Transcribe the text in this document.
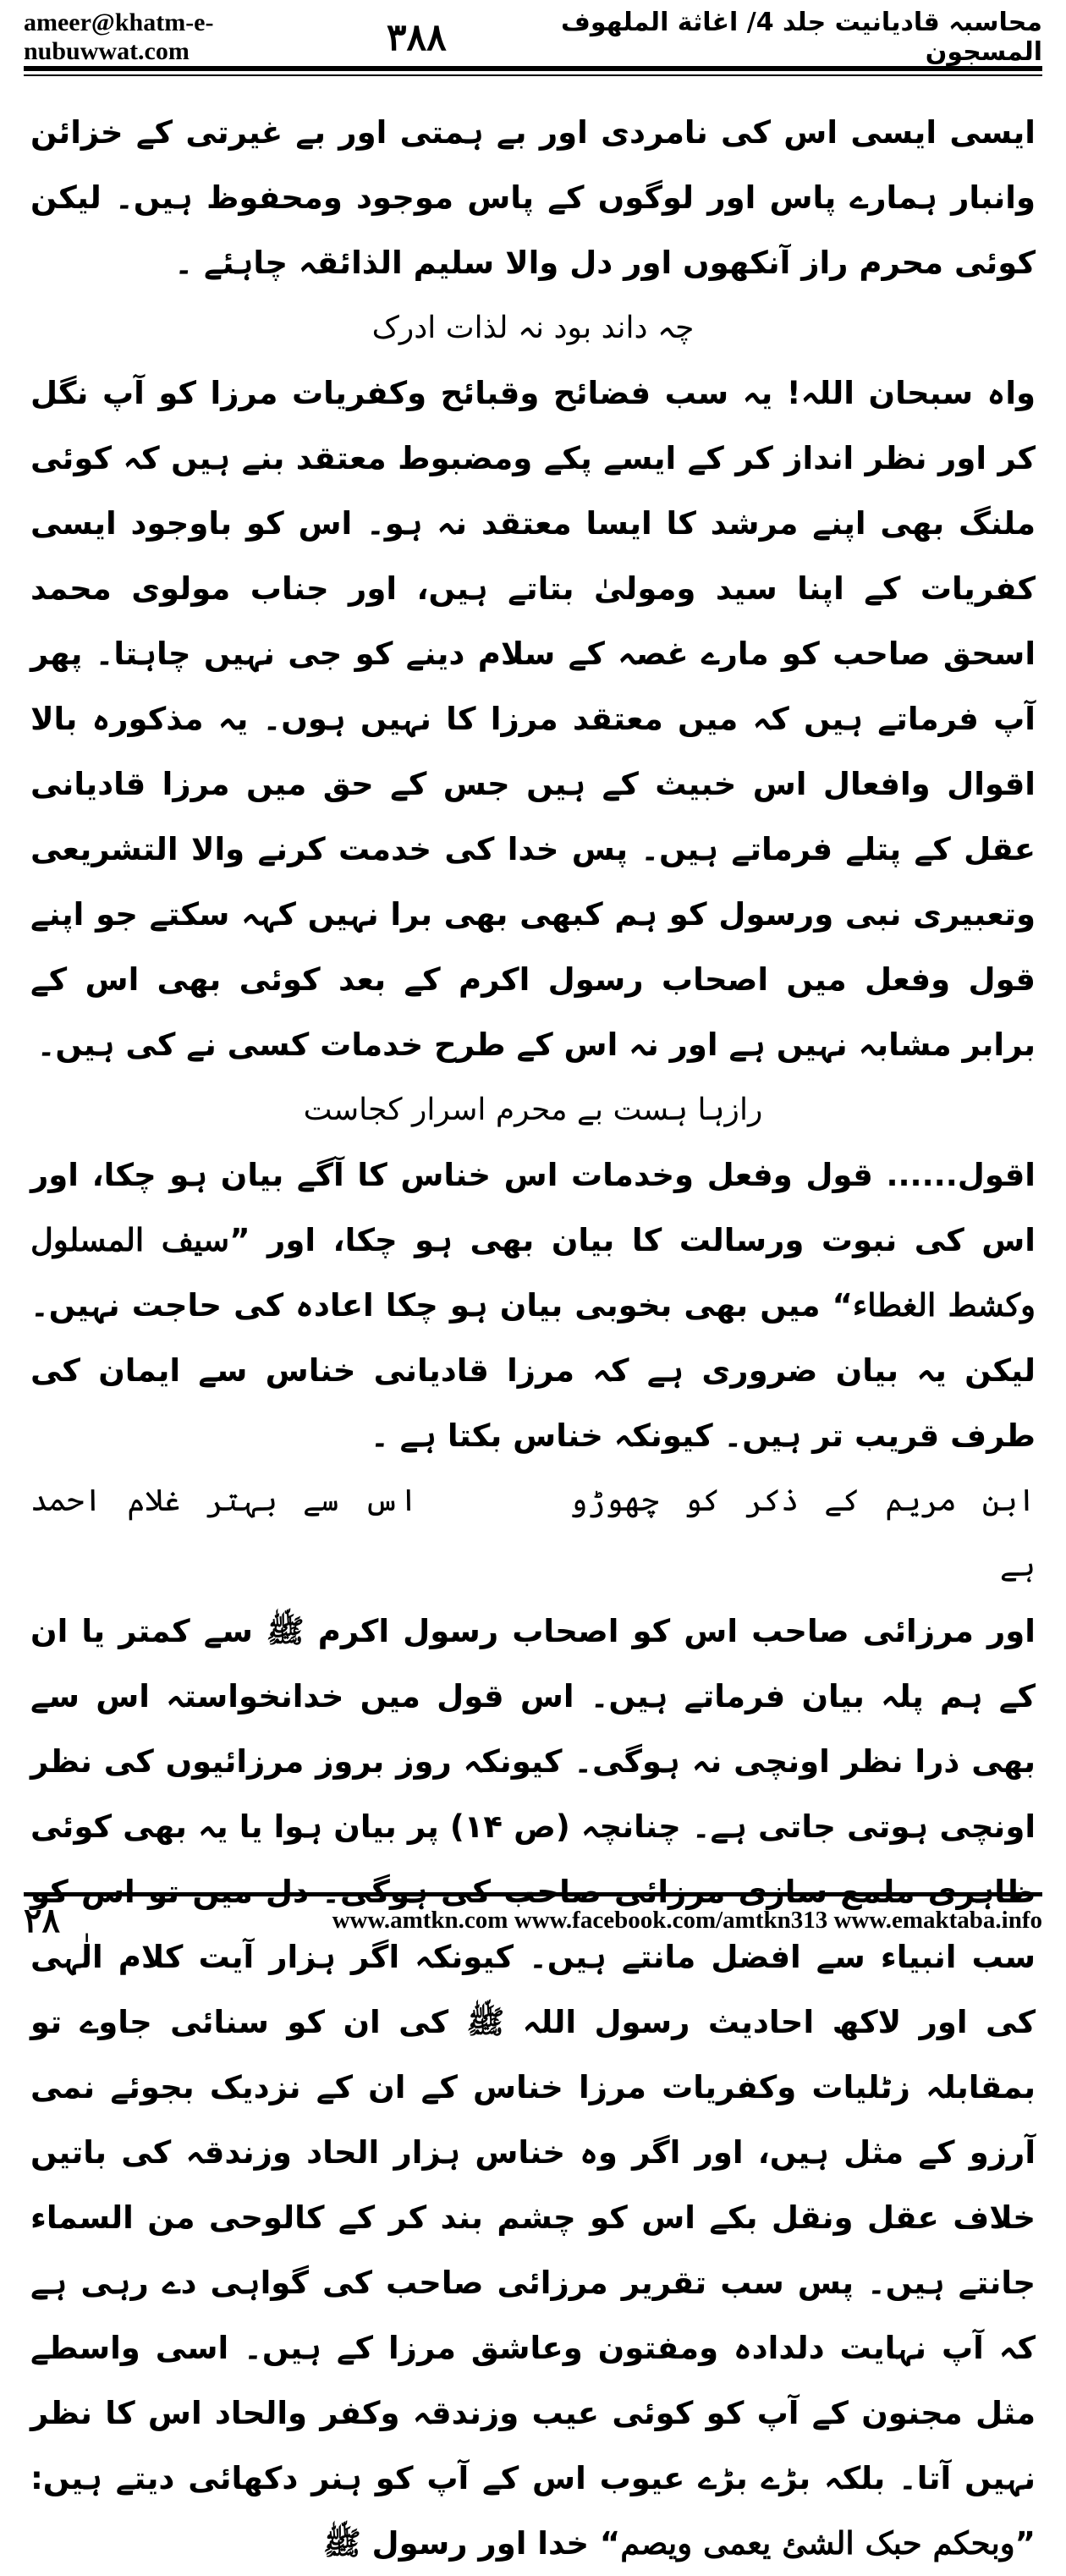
ameer@khatm-e-nubuwwat.com	۳۸۸	محاسبہ قادیانیت جلد 4/ اغاثة الملهوف المسجون

ایسی ایسی اس کی نامردی اور بے ہمتی اور بے غیرتی کے خزائن وانبار ہمارے پاس اور لوگوں کے پاس موجود ومحفوظ ہیں۔ لیکن کوئی محرم راز آنکھوں اور دل والا سلیم الذائقہ چاہئے ۔

چہ داند بود نہ لذات ادرک

واہ سبحان اللہ! یہ سب فضائح وقبائح وکفریات مرزا کو آپ نگل کر اور نظر انداز کر کے ایسے پکے ومضبوط معتقد بنے ہیں کہ کوئی ملنگ بھی اپنے مرشد کا ایسا معتقد نہ ہو۔ اس کو باوجود ایسی کفریات کے اپنا سید ومولیٰ بتاتے ہیں، اور جناب مولوی محمد اسحق صاحب کو مارے غصہ کے سلام دینے کو جی نہیں چاہتا۔ پھر آپ فرماتے ہیں کہ میں معتقد مرزا کا نہیں ہوں۔ یہ مذکورہ بالا اقوال وافعال اس خبیث کے ہیں جس کے حق میں مرزا قادیانی عقل کے پتلے فرماتے ہیں۔ پس خدا کی خدمت کرنے والا التشریعی وتعبیری نبی ورسول کو ہم کبھی بھی برا نہیں کہہ سکتے جو اپنے قول وفعل میں اصحاب رسول اکرم کے بعد کوئی بھی اس کے برابر مشابہ نہیں ہے اور نہ اس کے طرح خدمات کسی نے کی ہیں۔

رازہا ہست بے محرم اسرار کجاست

اقول...... قول وفعل وخدمات اس خناس کا آگے بیان ہو چکا، اور اس کی نبوت ورسالت کا بیان بھی ہو چکا، اور ”سیف المسلول وکشط الغطاء“ میں بھی بخوبی بیان ہو چکا اعادہ کی حاجت نہیں۔ لیکن یہ بیان ضروری ہے کہ مرزا قادیانی خناس سے ایمان کی طرف قریب تر ہیں۔ کیونکہ خناس بکتا ہے ۔

ابن مریم کے ذکر کو چھوڑو      اس سے بہتر غلام احمد ہے

اور مرزائی صاحب اس کو اصحاب رسول اکرم ﷺ سے کمتر یا ان کے ہم پلہ بیان فرماتے ہیں۔ اس قول میں خدانخواستہ اس سے بھی ذرا نظر اونچی نہ ہوگی۔ کیونکہ روز بروز مرزائیوں کی نظر اونچی ہوتی جاتی ہے۔ چنانچہ (ص ۱۴) پر بیان ہوا یا یہ بھی کوئی ظاہری ملمع سازی مرزائی صاحب کی ہوگی۔ دل میں تو اس کو سب انبیاء سے افضل مانتے ہیں۔ کیونکہ اگر ہزار آیت کلام الٰہی کی اور لاکھ احادیث رسول اللہ ﷺ کی ان کو سنائی جاوے تو بمقابلہ زٹلیات وکفریات مرزا خناس کے ان کے نزدیک بجوئے نمی آرزو کے مثل ہیں، اور اگر وہ خناس ہزار الحاد وزندقہ کی باتیں خلاف عقل ونقل بکے اس کو چشم بند کر کے کالوحی من السماء جانتے ہیں۔ پس سب تقریر مرزائی صاحب کی گواہی دے رہی ہے کہ آپ نہایت دلدادہ ومفتون وعاشق مرزا کے ہیں۔ اسی واسطے مثل مجنون کے آپ کو کوئی عیب وزندقہ وکفر والحاد اس کا نظر نہیں آتا۔ بلکہ بڑے بڑے عیوب اس کے آپ کو ہنر دکھائی دیتے ہیں: ”وبحکم حبک الشئ یعمی ویصم“ خدا اور رسول ﷺ

۲۸	www.amtkn.com www.facebook.com/amtkn313 www.emaktaba.info
